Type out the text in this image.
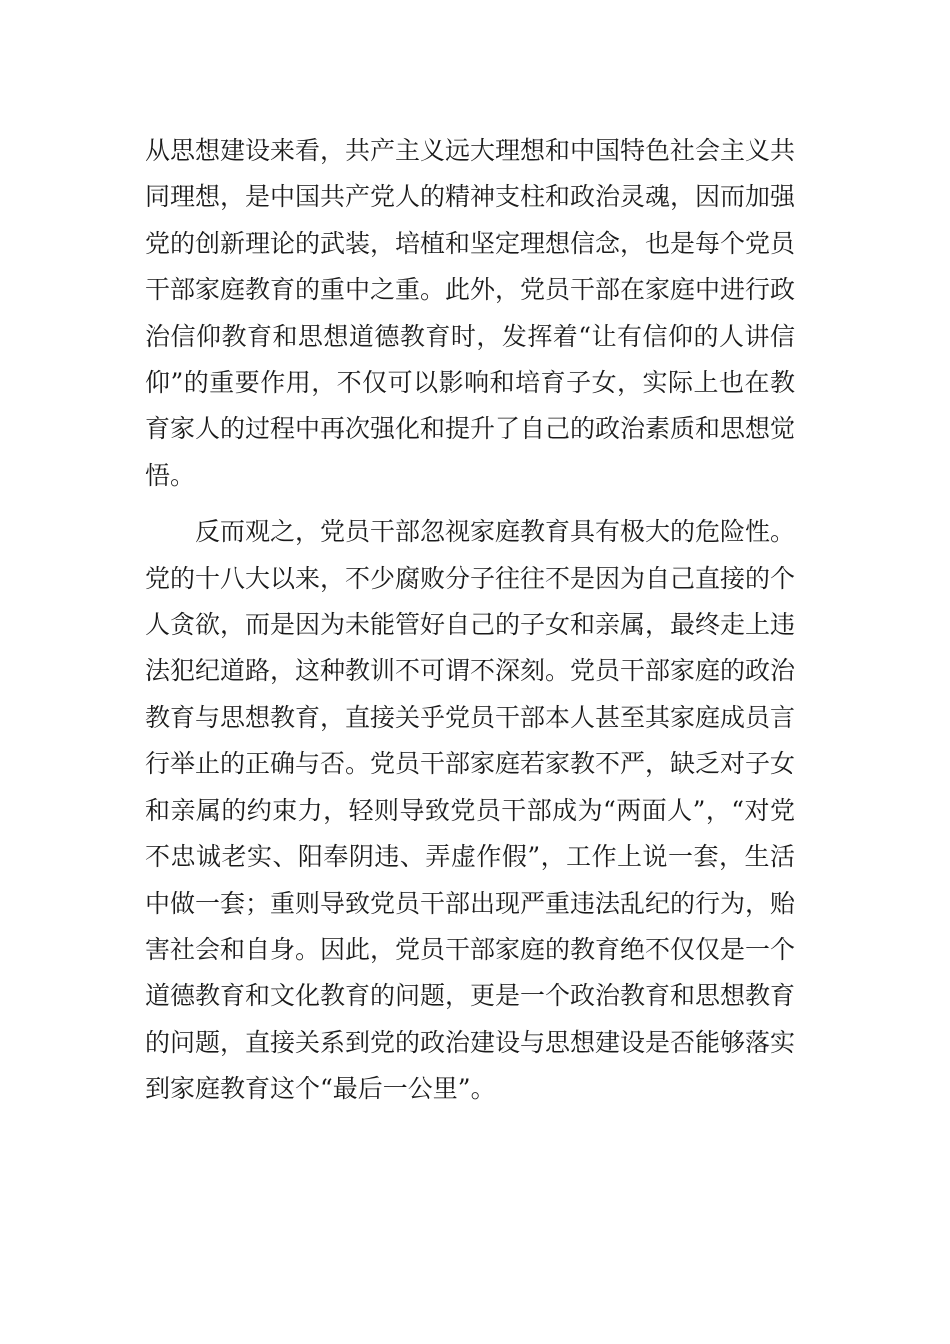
从思想建设来看，共产主义远大理想和中国特色社会主义共同理想，是中国共产党人的精神支柱和政治灵魂，因而加强党的创新理论的武装，培植和坚定理想信念，也是每个党员干部家庭教育的重中之重。此外，党员干部在家庭中进行政治信仰教育和思想道德教育时，发挥着“让有信仰的人讲信仰”的重要作用，不仅可以影响和培育子女，实际上也在教育家人的过程中再次强化和提升了自己的政治素质和思想觉悟。

反而观之，党员干部忽视家庭教育具有极大的危险性。党的十八大以来，不少腐败分子往往不是因为自己直接的个人贪欲，而是因为未能管好自己的子女和亲属，最终走上违法犯纪道路，这种教训不可谓不深刻。党员干部家庭的政治教育与思想教育，直接关乎党员干部本人甚至其家庭成员言行举止的正确与否。党员干部家庭若家教不严，缺乏对子女和亲属的约束力，轻则导致党员干部成为“两面人”，“对党不忠诚老实、阳奉阴违、弄虚作假”，工作上说一套，生活中做一套；重则导致党员干部出现严重违法乱纪的行为，贻害社会和自身。因此，党员干部家庭的教育绝不仅仅是一个道德教育和文化教育的问题，更是一个政治教育和思想教育的问题，直接关系到党的政治建设与思想建设是否能够落实到家庭教育这个“最后一公里”。
